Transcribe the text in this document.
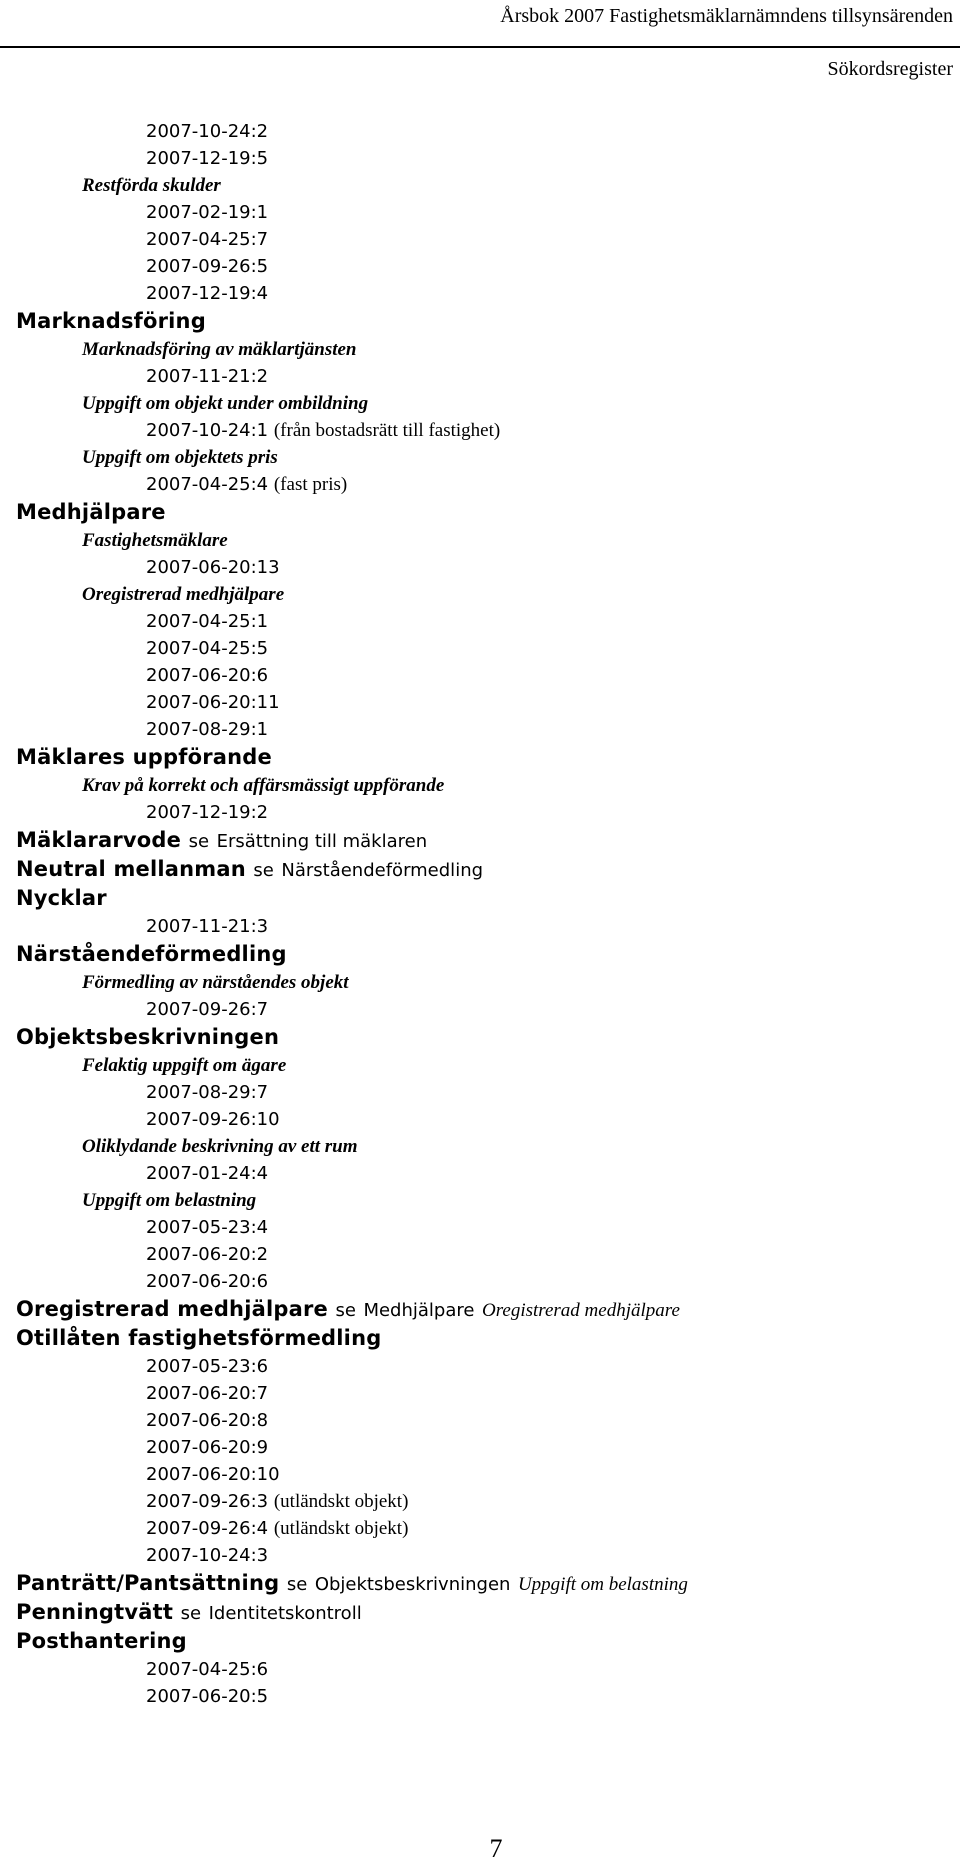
Årsbok 2007 Fastighetsmäklarnämndens tillsynsärenden
Sökordsregister
2007-10-24:2
2007-12-19:5
Restförda skulder
2007-02-19:1
2007-04-25:7
2007-09-26:5
2007-12-19:4
Marknadsföring
Marknadsföring av mäklartjänsten
2007-11-21:2
Uppgift om objekt under ombildning
2007-10-24:1 (från bostadsrätt till fastighet)
Uppgift om objektets pris
2007-04-25:4 (fast pris)
Medhjälpare
Fastighetsmäklare
2007-06-20:13
Oregistrerad medhjälpare
2007-04-25:1
2007-04-25:5
2007-06-20:6
2007-06-20:11
2007-08-29:1
Mäklares uppförande
Krav på korrekt och affärsmässigt uppförande
2007-12-19:2
Mäklararvode se Ersättning till mäklaren
Neutral mellanman se Närståendeförmedling
Nycklar
2007-11-21:3
Närståendeförmedling
Förmedling av närståendes objekt
2007-09-26:7
Objektsbeskrivningen
Felaktig uppgift om ägare
2007-08-29:7
2007-09-26:10
Oliklydande beskrivning av ett rum
2007-01-24:4
Uppgift om belastning
2007-05-23:4
2007-06-20:2
2007-06-20:6
Oregistrerad medhjälpare se Medhjälpare Oregistrerad medhjälpare
Otillåten fastighetsförmedling
2007-05-23:6
2007-06-20:7
2007-06-20:8
2007-06-20:9
2007-06-20:10
2007-09-26:3 (utländskt objekt)
2007-09-26:4 (utländskt objekt)
2007-10-24:3
Panträtt/Pantsättning se Objektsbeskrivningen Uppgift om belastning
Penningtvätt se Identitetskontroll
Posthantering
2007-04-25:6
2007-06-20:5
7
